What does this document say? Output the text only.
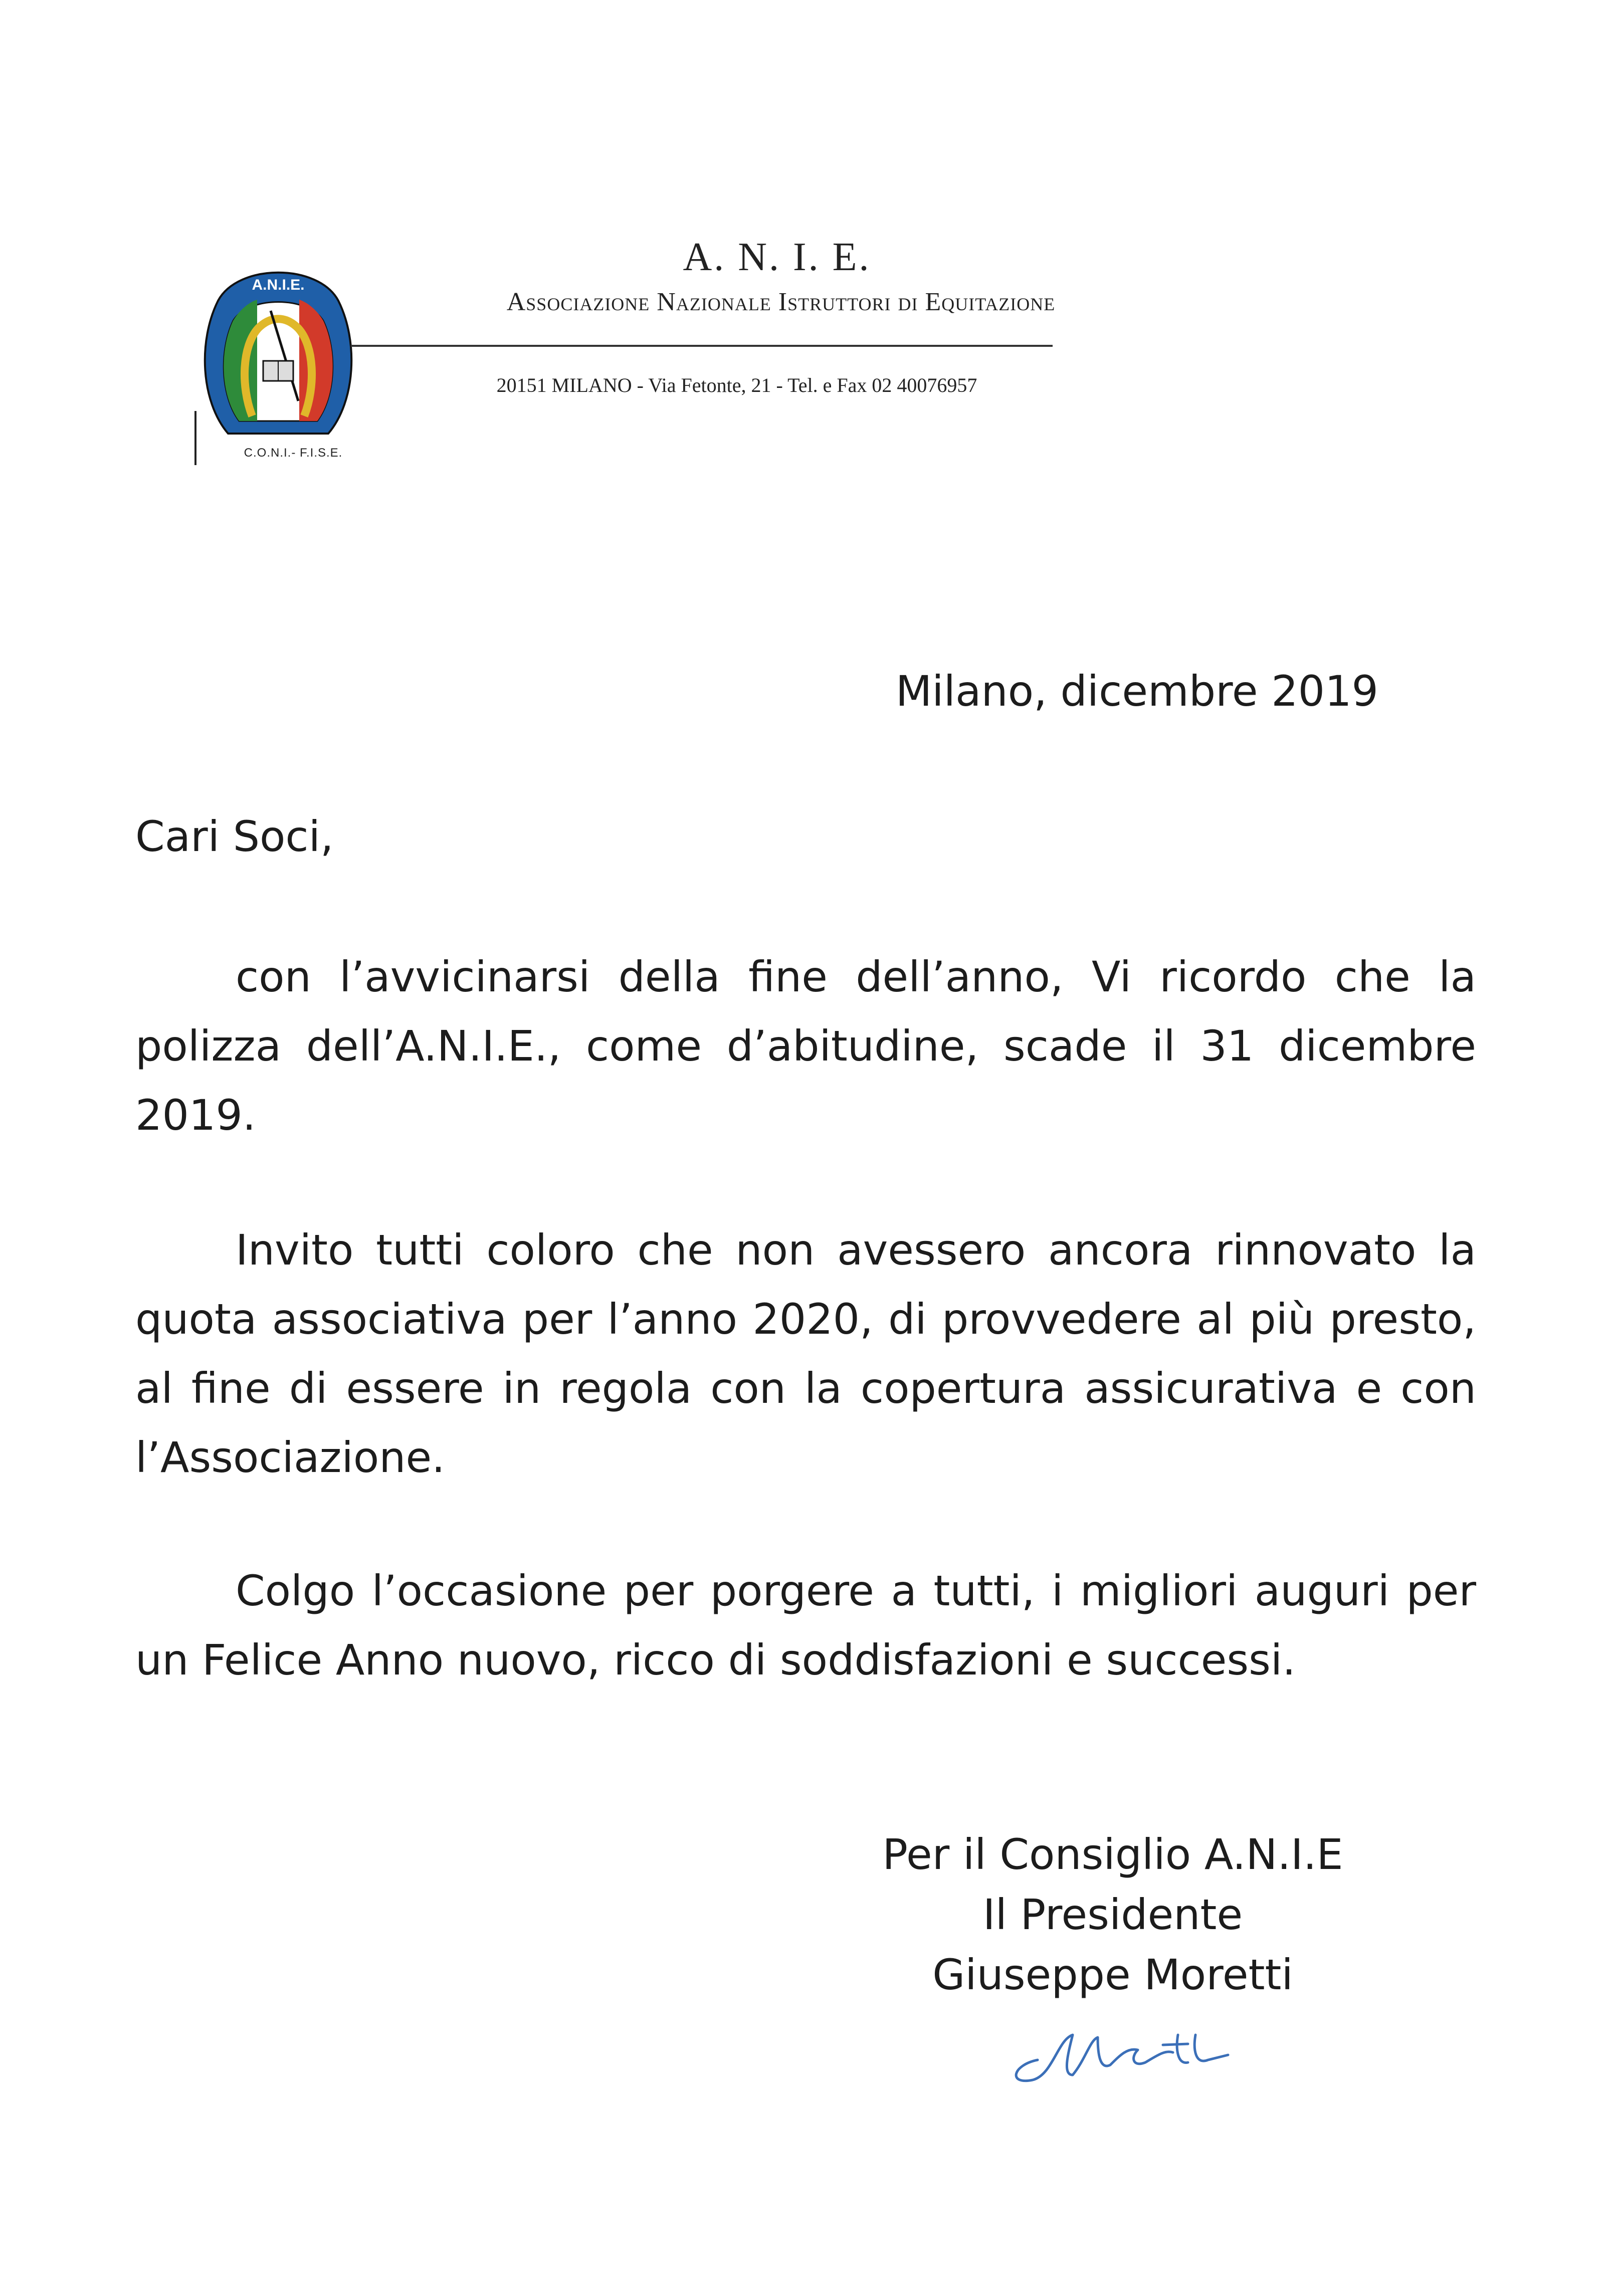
A.N.I.E.
C.O.N.I.- F.I.S.E.
A. N. I. E.
Associazione Nazionale Istruttori di Equitazione
20151 MILANO - Via Fetonte, 21 - Tel. e Fax 02 40076957
Milano, dicembre 2019
Cari Soci,
con l’avvicinarsi della fine dell’anno, Vi ricordo che la polizza dell’A.N.I.E., come d’abitudine, scade il 31 dicembre 2019.
Invito tutti coloro che non avessero ancora rinnovato la quota associativa per l’anno 2020, di provvedere al più presto, al fine di essere in regola con la copertura assicurativa e con l’Associazione.
Colgo l’occasione per porgere a tutti, i migliori auguri per un Felice Anno nuovo, ricco di soddisfazioni e successi.
Per il Consiglio A.N.I.E
Il Presidente
Giuseppe Moretti
